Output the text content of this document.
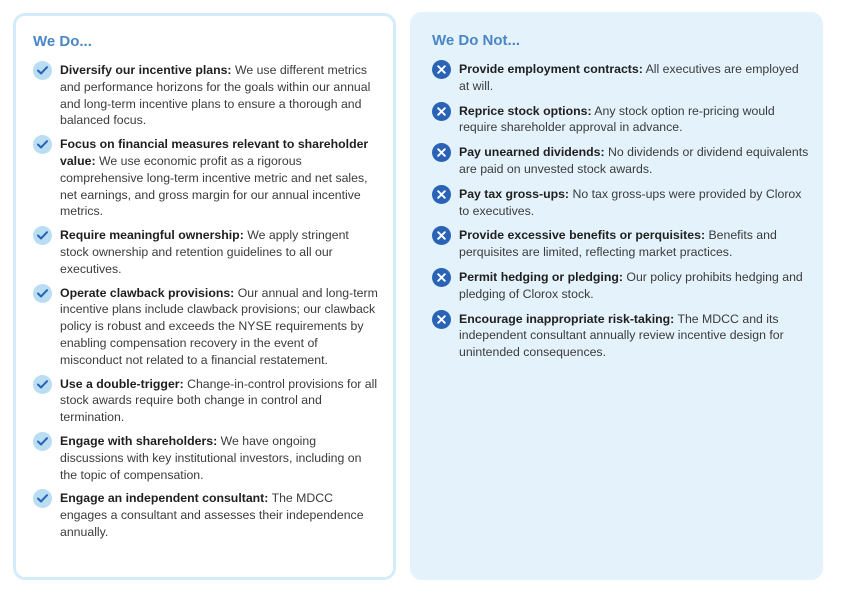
We Do...
Diversify our incentive plans: We use different metrics and performance horizons for the goals within our annual and long-term incentive plans to ensure a thorough and balanced focus.
Focus on financial measures relevant to shareholder value: We use economic profit as a rigorous comprehensive long-term incentive metric and net sales, net earnings, and gross margin for our annual incentive metrics.
Require meaningful ownership: We apply stringent stock ownership and retention guidelines to all our executives.
Operate clawback provisions: Our annual and long-term incentive plans include clawback provisions; our clawback policy is robust and exceeds the NYSE requirements by enabling compensation recovery in the event of misconduct not related to a financial restatement.
Use a double-trigger: Change-in-control provisions for all stock awards require both change in control and termination.
Engage with shareholders: We have ongoing discussions with key institutional investors, including on the topic of compensation.
Engage an independent consultant: The MDCC engages a consultant and assesses their independence annually.
We Do Not...
Provide employment contracts: All executives are employed at will.
Reprice stock options: Any stock option re-pricing would require shareholder approval in advance.
Pay unearned dividends: No dividends or dividend equivalents are paid on unvested stock awards.
Pay tax gross-ups: No tax gross-ups were provided by Clorox to executives.
Provide excessive benefits or perquisites: Benefits and perquisites are limited, reflecting market practices.
Permit hedging or pledging: Our policy prohibits hedging and pledging of Clorox stock.
Encourage inappropriate risk-taking: The MDCC and its independent consultant annually review incentive design for unintended consequences.
